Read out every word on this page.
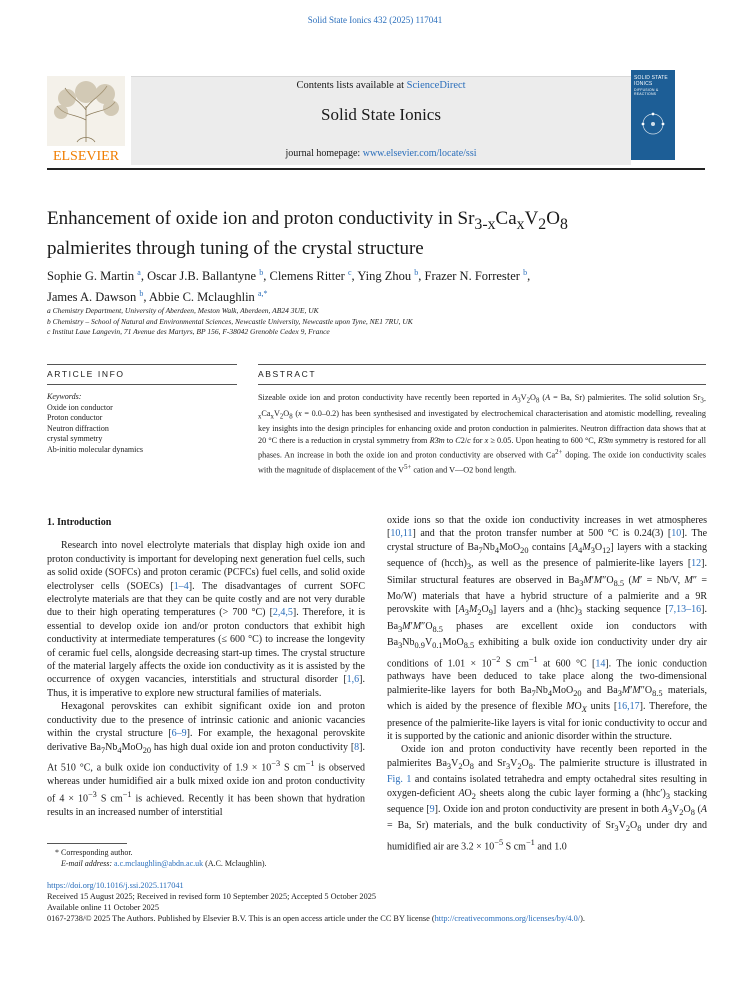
Solid State Ionics 432 (2025) 117041
ELSEVIER
Contents lists available at ScienceDirect
Solid State Ionics
journal homepage: www.elsevier.com/locate/ssi
SOLID STATE IONICS
DIFFUSION & REACTIONS
Enhancement of oxide ion and proton conductivity in $Sr_{3-x}Ca_xV_2O_8$
palmierites through tuning of the crystal structure
Sophie G. Martin $^a$, Oscar J.B. Ballantyne $^b$, Clemens Ritter $^c$, Ying Zhou $^b$, Frazer N. Forrester $^b$,
James A. Dawson $^b$, Abbie C. Mclaughlin $^{a,*}$
a Chemistry Department, University of Aberdeen, Meston Walk, Aberdeen, AB24 3UE, UK
b Chemistry – School of Natural and Environmental Sciences, Newcastle University, Newcastle upon Tyne, NE1 7RU, UK
c Institut Laue Langevin, 71 Avenue des Martyrs, BP 156, F-38042 Grenoble Cedex 9, France
ARTICLE INFO	ABSTRACT
Keywords:
Oxide ion conductor
Proton conductor
Neutron diffraction
crystal symmetry
Ab-initio molecular dynamics
Sizeable oxide ion and proton conductivity have recently been reported in $A_3V_2O_8$ (A = Ba, Sr) palmierites. The solid solution $Sr_{3-x}Ca_xV_2O_8$ (x = 0.0–0.2) has been synthesised and investigated by electrochemical characterisation and atomistic modelling, revealing key insights into the design principles for enhancing oxide and proton conduction in palmierites. Neutron diffraction data shows that at 20 °C there is a reduction in crystal symmetry from R3̄m to C2/c for x ≥ 0.05. Upon heating to 600 °C, R3̄m symmetry is restored for all phases. An increase in both the oxide ion and proton conductivity are observed with $Ca^{2+}$ doping. The oxide ion conductivity scales with the magnitude of displacement of the $V^{5+}$ cation and V—O2 bond length.
1. Introduction

Research into novel electrolyte materials that display high oxide ion and proton conductivity is important for developing next generation fuel cells, such as solid oxide (SOFCs) and proton ceramic (PCFCs) fuel cells, and solid oxide electrolyser cells (SOECs) [1–4]. The disadvantages of current SOFC electrolyte materials are that they can be quite costly and are not very durable due to their high operating temperatures (> 700 °C) [2,4,5]. Therefore, it is essential to develop oxide ion and/or proton conductors that exhibit high conductivity at intermediate temperatures (≤ 600 °C) to increase the longevity of ceramic fuel cells, alongside decreasing start-up times. The crystal structure of the material largely affects the oxide ion conductivity as it is assisted by the occurrence of oxygen vacancies, interstitials and structural disorder [1,6]. Thus, it is imperative to explore new structural families of materials.

Hexagonal perovskites can exhibit significant oxide ion and proton conductivity due to the presence of intrinsic cationic and anionic vacancies within the crystal structure [6–9]. For example, the hexagonal perovskite derivative $Ba_7Nb_4MoO_{20}$ has high dual oxide ion and proton conductivity [8]. At 510 °C, a bulk oxide ion conductivity of $1.9 \times 10^{-3}$ S $cm^{-1}$ is observed whereas under humidified air a bulk mixed oxide ion and proton conductivity of $4 \times 10^{-3}$ S $cm^{-1}$ is achieved. Recently it has been shown that hydration results in an increased number of interstitial

oxide ions so that the oxide ion conductivity increases in wet atmospheres [10,11] and that the proton transfer number at 500 °C is 0.24(3) [10]. The crystal structure of $Ba_7Nb_4MoO_{20}$ contains $[A_4M_3O_{12}]$ layers with a stacking sequence of $(hcch)_3$, as well as the presence of palmierite-like layers [12]. Similar structural features are observed in $Ba_3M'M''O_{8.5}$ (M′ = Nb/V, M″ = Mo/W) materials that have a hybrid structure of a palmierite and a 9R perovskite with $[A_3M_2O_9]$ layers and a $(hhc)_3$ stacking sequence [7,13–16]. $Ba_3M'M''O_{8.5}$ phases are excellent oxide ion conductors with $Ba_3Nb_{0.9}V_{0.1}MoO_{8.5}$ exhibiting a bulk oxide ion conductivity under dry air conditions of $1.01 \times 10^{-2}$ S $cm^{-1}$ at 600 °C [14]. The ionic conduction pathways have been deduced to take place along the two-dimensional palmierite-like layers for both $Ba_7Nb_4MoO_{20}$ and $Ba_3M'M''O_{8.5}$ materials, which is aided by the presence of flexible $MO_X$ units [16,17]. Therefore, the presence of the palmierite-like layers is vital for ionic conductivity to occur and it is supported by the cationic and anionic disorder within the structure.

Oxide ion and proton conductivity have recently been reported in the palmierites $Ba_3V_2O_8$ and $Sr_3V_2O_8$. The palmierite structure is illustrated in Fig. 1 and contains isolated tetrahedra and empty octahedral sites resulting in oxygen-deficient $AO_2$ sheets along the cubic layer forming a $(hhc')_3$ stacking sequence [9]. Oxide ion and proton conductivity are present in both $A_3V_2O_8$ (A = Ba, Sr) materials, and the bulk conductivity of $Sr_3V_2O_8$ under dry and humidified air are $3.2 \times 10^{-5}$ S $cm^{-1}$ and 1.0

* Corresponding author.
E-mail address: a.c.mclaughlin@abdn.ac.uk (A.C. Mclaughlin).
https://doi.org/10.1016/j.ssi.2025.117041
Received 15 August 2025; Received in revised form 10 September 2025; Accepted 5 October 2025
Available online 11 October 2025
0167-2738/© 2025 The Authors. Published by Elsevier B.V. This is an open access article under the CC BY license (http://creativecommons.org/licenses/by/4.0/).
